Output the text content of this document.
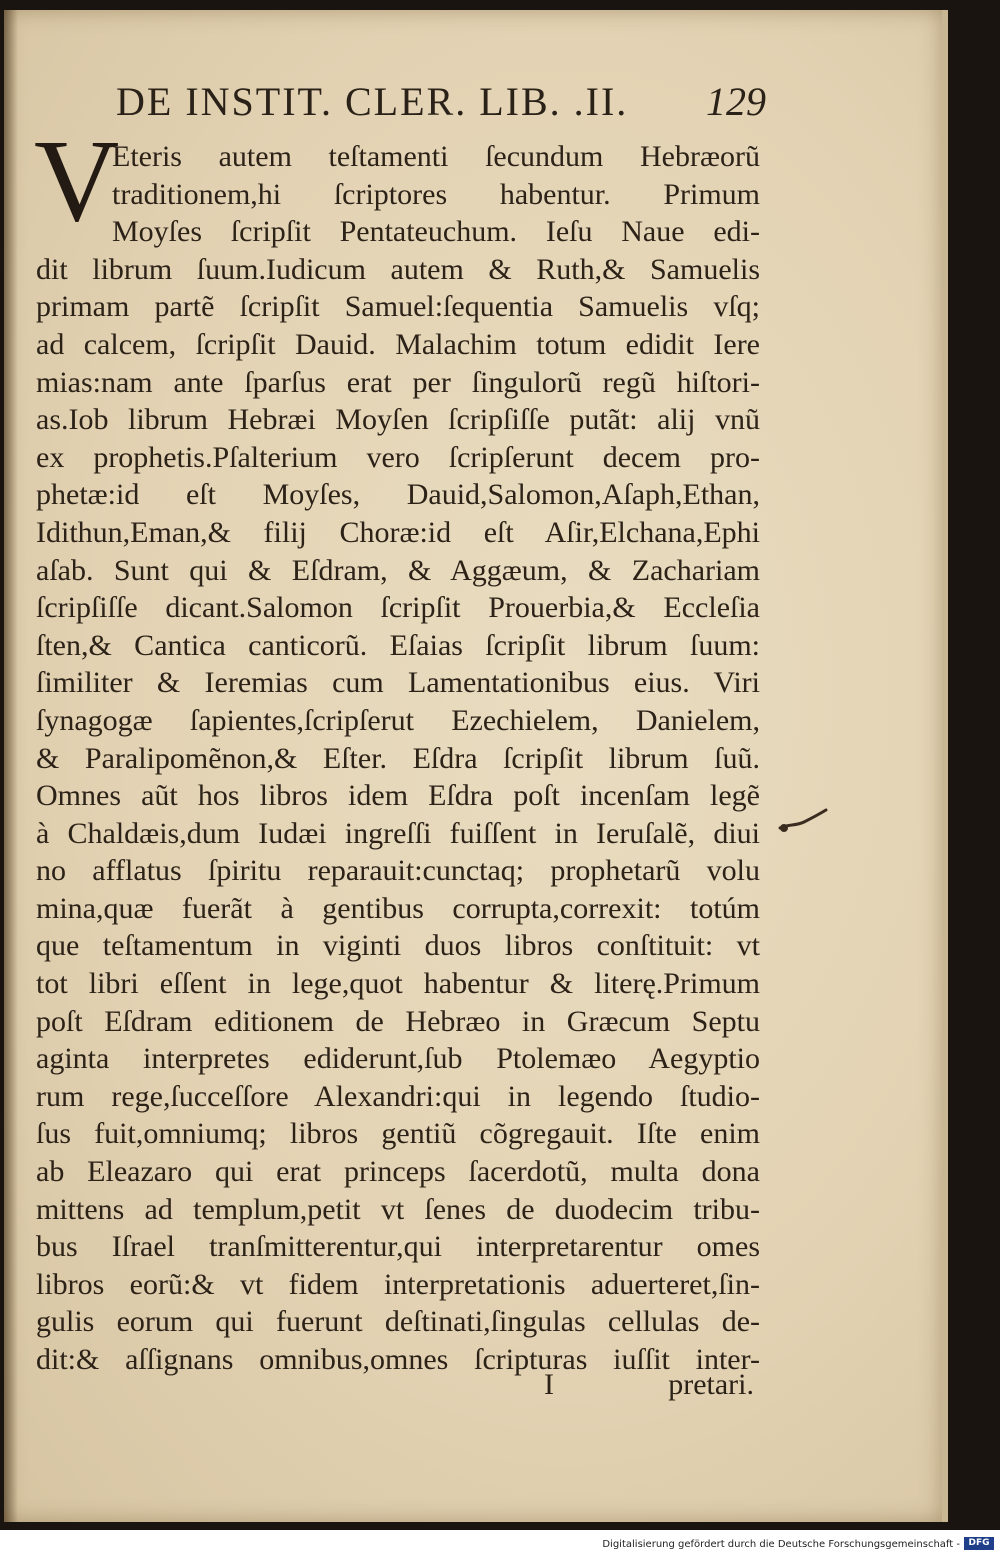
DE INSTIT. CLER. LIB. .II. 129
V
Eteris autem teſtamenti ſecundum Hebræorũ
traditionem,hi ſcriptores habentur. Primum
Moyſes ſcripſit Pentateuchum. Ieſu Naue edi-
dit librum ſuum.Iudicum autem & Ruth,& Samuelis
primam partẽ ſcripſit Samuel:ſequentia Samuelis vſq;
ad calcem, ſcripſit Dauid. Malachim totum edidit Iere
mias:nam ante ſparſus erat per ſingulorũ regũ hiſtori-
as.Iob librum Hebræi Moyſen ſcripſiſſe putãt: alij vnũ
ex prophetis.Pſalterium vero ſcripſerunt decem pro-
phetæ:id eſt Moyſes, Dauid,Salomon,Aſaph,Ethan,
Idithun,Eman,& filij Choræ:id eſt Aſir,Elchana,Ephi
aſab. Sunt qui & Eſdram, & Aggæum, & Zachariam
ſcripſiſſe dicant.Salomon ſcripſit Prouerbia,& Eccleſia
ſten,& Cantica canticorũ. Eſaias ſcripſit librum ſuum:
ſimiliter & Ieremias cum Lamentationibus eius. Viri
ſynagogæ ſapientes,ſcripſerut Ezechielem, Danielem,
& Paralipomẽnon,& Eſter. Eſdra ſcripſit librum ſuũ.
Omnes aũt hos libros idem Eſdra poſt incenſam legẽ
à Chaldæis,dum Iudæi ingreſſi fuiſſent in Ieruſalẽ, diui
no afflatus ſpiritu reparauit:cunctaq; prophetarũ volu
mina,quæ fuerãt à gentibus corrupta,correxit: totúm
que teſtamentum in viginti duos libros conſtituit: vt
tot libri eſſent in lege,quot habentur & literę.Primum
poſt Eſdram editionem de Hebræo in Græcum Septu
aginta interpretes ediderunt,ſub Ptolemæo Aegyptio
rum rege,ſucceſſore Alexandri:qui in legendo ſtudio-
ſus fuit,omniumq; libros gentiũ cõgregauit. Iſte enim
ab Eleazaro qui erat princeps ſacerdotũ, multa dona
mittens ad templum,petit vt ſenes de duodecim tribu-
bus Iſrael tranſmitterentur,qui interpretarentur omes
libros eorũ:& vt fidem interpretationis aduerteret,ſin-
gulis eorum qui fuerunt deſtinati,ſingulas cellulas de-
dit:& aſſignans omnibus,omnes ſcripturas iuſſit inter-
I	pretari.
Digitalisierung gefördert durch die Deutsche Forschungsgemeinschaft - DFG
